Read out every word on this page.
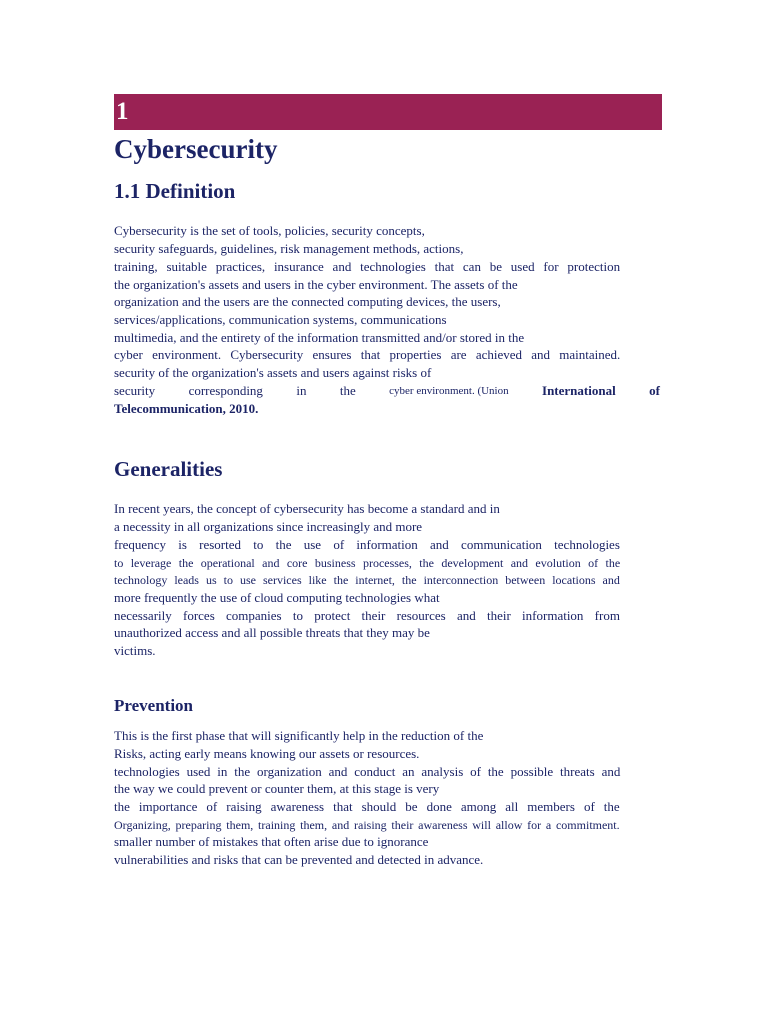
1
Cybersecurity
1.1 Definition
Cybersecurity is the set of tools, policies, security concepts,
security safeguards, guidelines, risk management methods, actions,
training, suitable practices, insurance and technologies that can be used for protection
the organization's assets and users in the cyber environment. The assets of the
organization and the users are the connected computing devices, the users,
services/applications, communication systems, communications
multimedia, and the entirety of the information transmitted and/or stored in the
cyber environment. Cybersecurity ensures that properties are achieved and maintained.
security of the organization's assets and users against risks of
security	corresponding	in	the	cyber environment. (Union	International	of
Telecommunication, 2010.
Generalities
In recent years, the concept of cybersecurity has become a standard and in
a necessity in all organizations since increasingly and more
frequency is resorted to the use of information and communication technologies
to leverage the operational and core business processes, the development and evolution of the
technology leads us to use services like the internet, the interconnection between locations and
more frequently the use of cloud computing technologies what
necessarily forces companies to protect their resources and their information from
unauthorized access and all possible threats that they may be
victims.
Prevention
This is the first phase that will significantly help in the reduction of the
Risks, acting early means knowing our assets or resources.
technologies used in the organization and conduct an analysis of the possible threats and
the way we could prevent or counter them, at this stage is very
the importance of raising awareness that should be done among all members of the
Organizing, preparing them, training them, and raising their awareness will allow for a commitment.
smaller number of mistakes that often arise due to ignorance
vulnerabilities and risks that can be prevented and detected in advance.
